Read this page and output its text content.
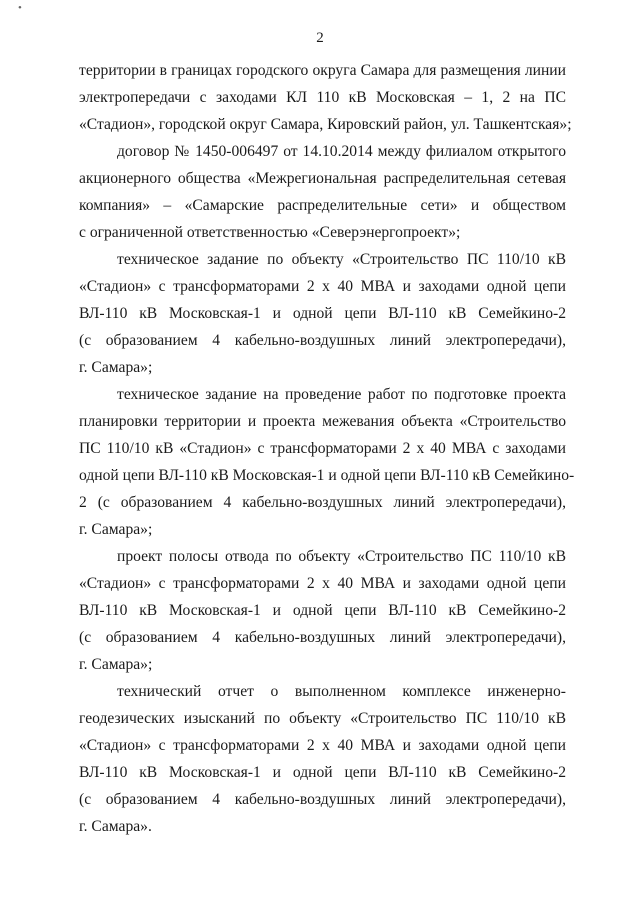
•
2
территории в границах городского округа Самара для размещения линии
электропередачи с заходами КЛ 110 кВ Московская – 1, 2 на ПС
«Стадион», городской округ Самара, Кировский район, ул. Ташкентская»;
договор № 1450-006497 от 14.10.2014 между филиалом открытого
акционерного общества «Межрегиональная распределительная сетевая
компания» – «Самарские распределительные сети» и обществом
с ограниченной ответственностью «Северэнергопроект»;
техническое задание по объекту «Строительство ПС 110/10 кВ
«Стадион» с трансформаторами 2 х 40 МВА и заходами одной цепи
ВЛ-110 кВ Московская-1 и одной цепи ВЛ-110 кВ Семейкино-2
(с образованием 4 кабельно-воздушных линий электропередачи),
г. Самара»;
техническое задание на проведение работ по подготовке проекта
планировки территории и проекта межевания объекта «Строительство
ПС 110/10 кВ «Стадион» с трансформаторами 2 х 40 МВА с заходами
одной цепи ВЛ-110 кВ Московская-1 и одной цепи ВЛ-110 кВ Семейкино-
2 (с образованием 4 кабельно-воздушных линий электропередачи),
г. Самара»;
проект полосы отвода по объекту «Строительство ПС 110/10 кВ
«Стадион» с трансформаторами 2 х 40 МВА и заходами одной цепи
ВЛ-110 кВ Московская-1 и одной цепи ВЛ-110 кВ Семейкино-2
(с образованием 4 кабельно-воздушных линий электропередачи),
г. Самара»;
технический отчет о выполненном комплексе инженерно-
геодезических изысканий по объекту «Строительство ПС 110/10 кВ
«Стадион» с трансформаторами 2 х 40 МВА и заходами одной цепи
ВЛ-110 кВ Московская-1 и одной цепи ВЛ-110 кВ Семейкино-2
(с образованием 4 кабельно-воздушных линий электропередачи),
г. Самара».
